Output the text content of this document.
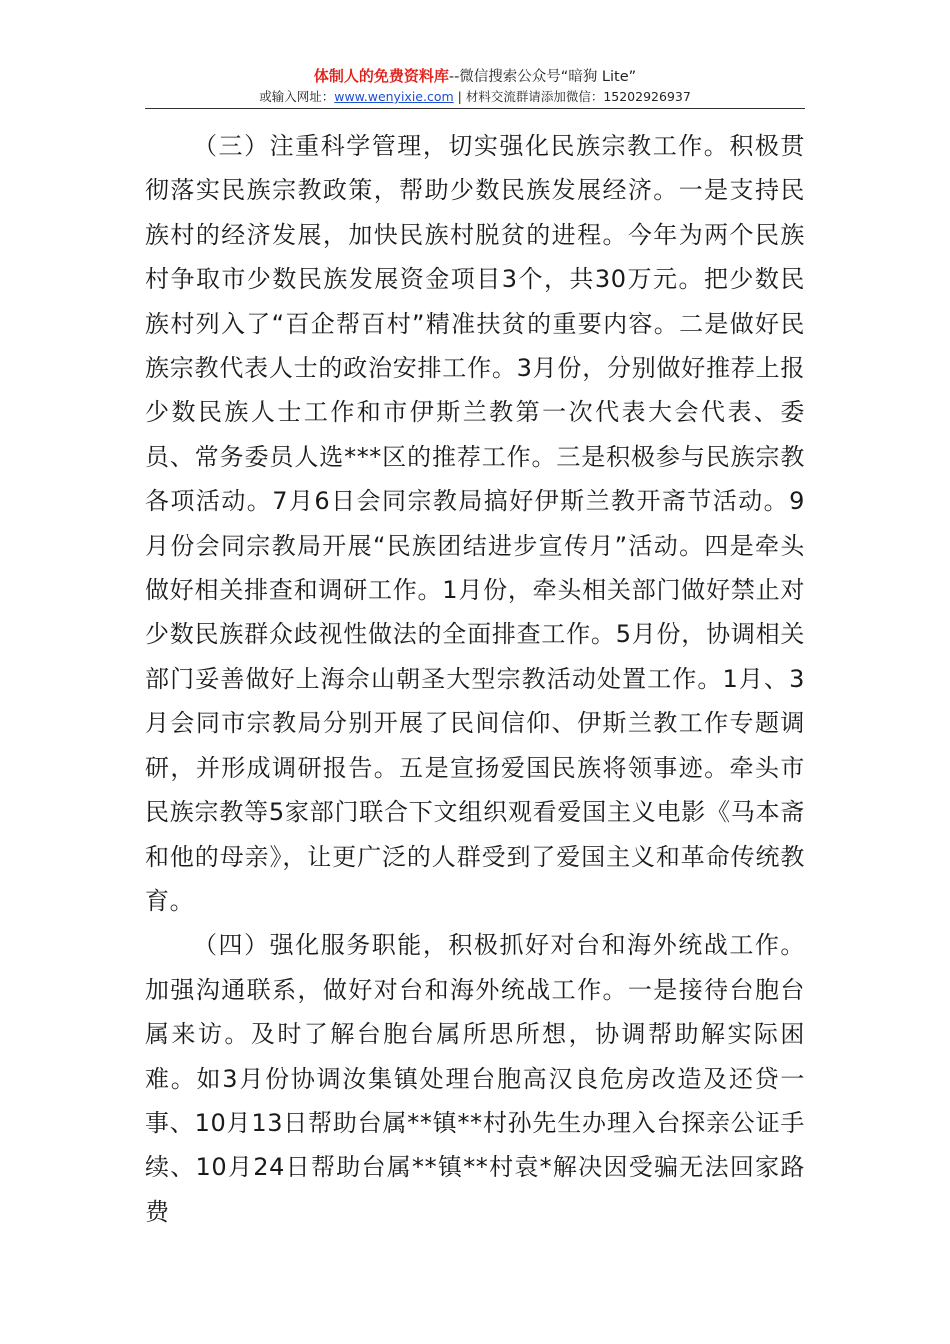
体制人的免费资料库--微信搜索公众号“暗狗 Lite”
或输入网址：www.wenyixie.com | 材料交流群请添加微信：15202926937

（三）注重科学管理，切实强化民族宗教工作。积极贯彻落实民族宗教政策，帮助少数民族发展经济。一是支持民族村的经济发展，加快民族村脱贫的进程。今年为两个民族村争取市少数民族发展资金项目3个，共30万元。把少数民族村列入了“百企帮百村”精准扶贫的重要内容。二是做好民族宗教代表人士的政治安排工作。3月份，分别做好推荐上报少数民族人士工作和市伊斯兰教第一次代表大会代表、委员、常务委员人选***区的推荐工作。三是积极参与民族宗教各项活动。7月6日会同宗教局搞好伊斯兰教开斋节活动。9月份会同宗教局开展“民族团结进步宣传月”活动。四是牵头做好相关排查和调研工作。1月份，牵头相关部门做好禁止对少数民族群众歧视性做法的全面排查工作。5月份，协调相关部门妥善做好上海佘山朝圣大型宗教活动处置工作。1月、3月会同市宗教局分别开展了民间信仰、伊斯兰教工作专题调研，并形成调研报告。五是宣扬爱国民族将领事迹。牵头市民族宗教等5家部门联合下文组织观看爱国主义电影《马本斋和他的母亲》，让更广泛的人群受到了爱国主义和革命传统教育。

（四）强化服务职能，积极抓好对台和海外统战工作。加强沟通联系，做好对台和海外统战工作。一是接待台胞台属来访。及时了解台胞台属所思所想，协调帮助解实际困难。如3月份协调汝集镇处理台胞高汉良危房改造及还贷一事、10月13日帮助台属**镇**村孙先生办理入台探亲公证手续、10月24日帮助台属**镇**村袁*解决因受骗无法回家路费
